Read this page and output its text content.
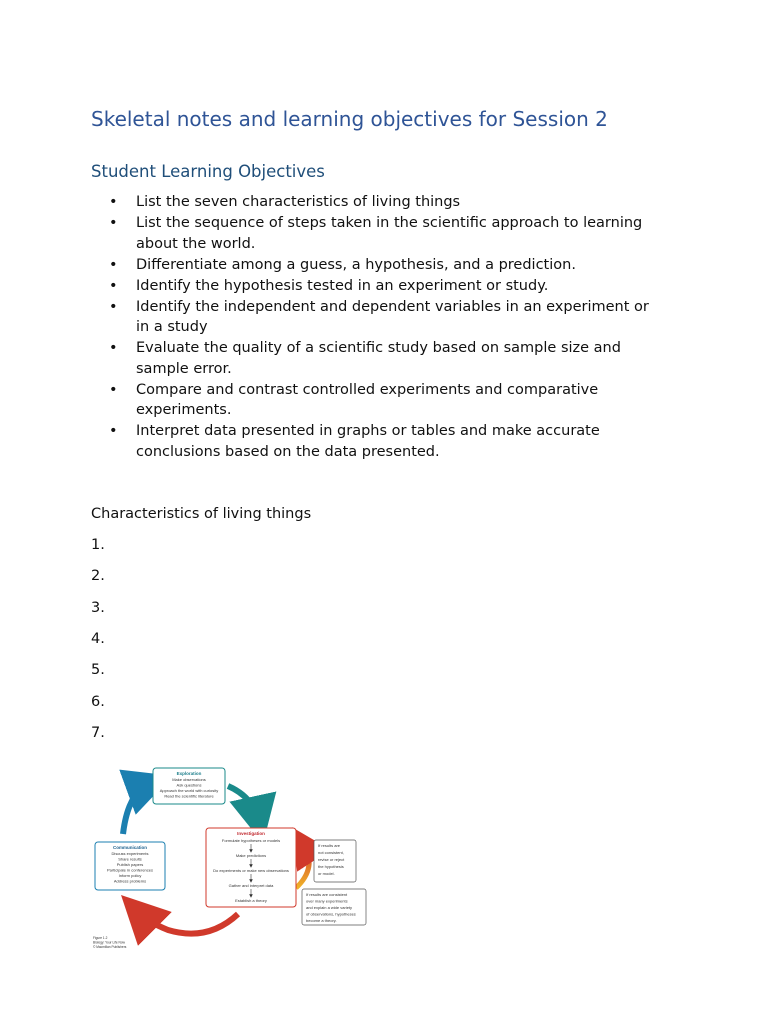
Skeletal notes and learning objectives for Session 2
Student Learning Objectives
• List the seven characteristics of living things
• List the sequence of steps taken in the scientific approach to learning
about the world.
• Differentiate among a guess, a hypothesis, and a prediction.
• Identify the hypothesis tested in an experiment or study.
• Identify the independent and dependent variables in an experiment or
in a study
• Evaluate the quality of a scientific study based on sample size and
sample error.
• Compare and contrast controlled experiments and comparative
experiments.
• Interpret data presented in graphs or tables and make accurate
conclusions based on the data presented.

Characteristics of living things

1.

2.

3.

4.

5.

6.

7.

Exploration
Make observations
Ask questions
Approach the world with curiosity
Read the scientific literature
Communication
Discuss experiments
Share results
Publish papers
Participate in conferences
Inform policy
Address problems
Investigation
Formulate hypotheses or models
Make predictions
Do experiments or make new observations
Gather and interpret data
Establish a theory
If results are
not consistent,
revise or reject
the hypothesis
or model.
If results are consistent
over many experiments
and explain a wide variety
of observations, hypotheses
become a theory.
Figure 1.2
Biology: Your Life Now
© Macmillan Publishers
